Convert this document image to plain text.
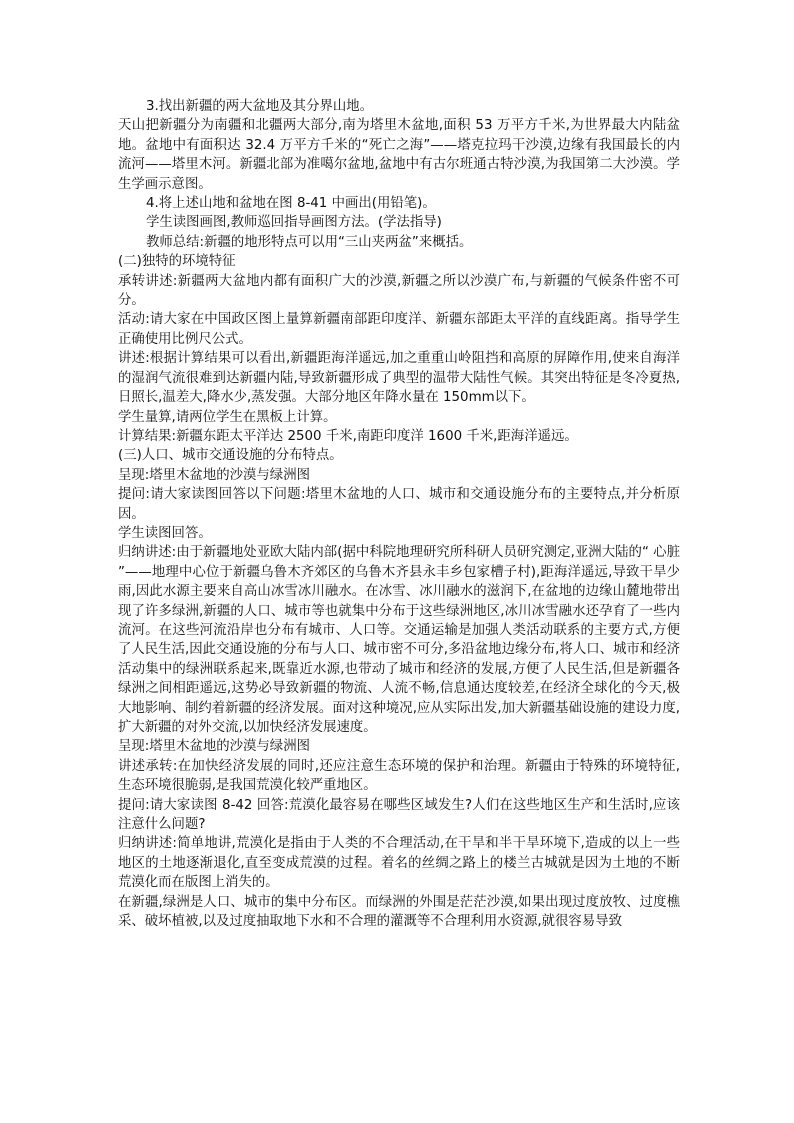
3.找出新疆的两大盆地及其分界山地。

天山把新疆分为南疆和北疆两大部分,南为塔里木盆地,面积 53 万平方千米,为世界最大内陆盆地。盆地中有面积达 32.4 万平方千米的“死亡之海”——塔克拉玛干沙漠,边缘有我国最长的内流河——塔里木河。新疆北部为准噶尔盆地,盆地中有古尔班通古特沙漠,为我国第二大沙漠。学生学画示意图。

4.将上述山地和盆地在图 8-41 中画出(用铅笔)。

学生读图画图,教师巡回指导画图方法。(学法指导)

教师总结:新疆的地形特点可以用“三山夹两盆”来概括。

(二)独特的环境特征

承转讲述:新疆两大盆地内都有面积广大的沙漠,新疆之所以沙漠广布,与新疆的气候条件密不可分。

活动:请大家在中国政区图上量算新疆南部距印度洋、新疆东部距太平洋的直线距离。指导学生正确使用比例尺公式。

讲述:根据计算结果可以看出,新疆距海洋遥远,加之重重山岭阻挡和高原的屏障作用,使来自海洋的湿润气流很难到达新疆内陆,导致新疆形成了典型的温带大陆性气候。其突出特征是冬冷夏热,日照长,温差大,降水少,蒸发强。大部分地区年降水量在 150mm以下。

学生量算,请两位学生在黑板上计算。

计算结果:新疆东距太平洋达 2500 千米,南距印度洋 1600 千米,距海洋遥远。

(三)人口、城市交通设施的分布特点。

呈现:塔里木盆地的沙漠与绿洲图

提问:请大家读图回答以下问题:塔里木盆地的人口、城市和交通设施分布的主要特点,并分析原因。

学生读图回答。

归纳讲述:由于新疆地处亚欧大陆内部(据中科院地理研究所科研人员研究测定,亚洲大陆的“ 心脏 ”——地理中心位于新疆乌鲁木齐郊区的乌鲁木齐县永丰乡包家槽子村),距海洋遥远,导致干旱少雨,因此水源主要来自高山冰雪冰川融水。在冰雪、冰川融水的滋润下,在盆地的边缘山麓地带出现了许多绿洲,新疆的人口、城市等也就集中分布于这些绿洲地区,冰川冰雪融水还孕育了一些内流河。在这些河流沿岸也分布有城市、人口等。交通运输是加强人类活动联系的主要方式,方便了人民生活,因此交通设施的分布与人口、城市密不可分,多沿盆地边缘分布,将人口、城市和经济活动集中的绿洲联系起来,既靠近水源,也带动了城市和经济的发展,方便了人民生活,但是新疆各绿洲之间相距遥远,这势必导致新疆的物流、人流不畅,信息通达度较差,在经济全球化的今天,极大地影响、制约着新疆的经济发展。面对这种境况,应从实际出发,加大新疆基础设施的建设力度,扩大新疆的对外交流,以加快经济发展速度。

呈现:塔里木盆地的沙漠与绿洲图

讲述承转:在加快经济发展的同时,还应注意生态环境的保护和治理。新疆由于特殊的环境特征,生态环境很脆弱,是我国荒漠化较严重地区。

提问:请大家读图 8-42 回答:荒漠化最容易在哪些区域发生?人们在这些地区生产和生活时,应该注意什么问题?

归纳讲述:简单地讲,荒漠化是指由于人类的不合理活动,在干旱和半干旱环境下,造成的以上一些地区的土地逐渐退化,直至变成荒漠的过程。着名的丝绸之路上的楼兰古城就是因为土地的不断荒漠化而在版图上消失的。

在新疆,绿洲是人口、城市的集中分布区。而绿洲的外围是茫茫沙漠,如果出现过度放牧、过度樵采、破坏植被,以及过度抽取地下水和不合理的灌溉等不合理利用水资源,就很容易导致
